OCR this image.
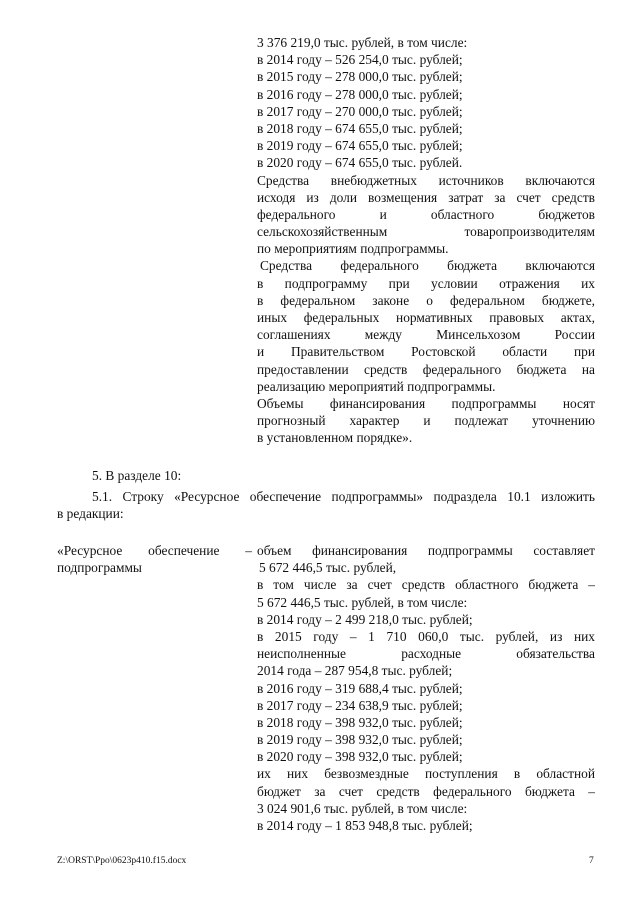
3 376 219,0 тыс. рублей, в том числе:
в 2014 году – 526 254,0 тыс. рублей;
в 2015 году – 278 000,0 тыс. рублей;
в 2016 году – 278 000,0 тыс. рублей;
в 2017 году – 270 000,0 тыс. рублей;
в 2018 году – 674 655,0 тыс. рублей;
в 2019 году – 674 655,0 тыс. рублей;
в 2020 году – 674 655,0 тыс. рублей.
Средства внебюджетных источников включаются
исходя из доли возмещения затрат за счет средств
федерального и областного бюджетов
сельскохозяйственным товаропроизводителям
по мероприятиям подпрограммы.
Средства федерального бюджета включаются
в подпрограмму при условии отражения их
в федеральном законе о федеральном бюджете,
иных федеральных нормативных правовых актах,
соглашениях между Минсельхозом России
и Правительством Ростовской области при
предоставлении средств федерального бюджета на
реализацию мероприятий подпрограммы.
Объемы финансирования подпрограммы носят
прогнозный характер и подлежат уточнению
в установленном порядке».
5. В разделе 10:
5.1. Строку «Ресурсное обеспечение подпрограммы» подраздела 10.1 изложить
в редакции:
«Ресурсное обеспечение –
подпрограммы
объем финансирования подпрограммы составляет
5 672 446,5 тыс. рублей,
в том числе за счет средств областного бюджета –
5 672 446,5 тыс. рублей, в том числе:
в 2014 году – 2 499 218,0 тыс. рублей;
в 2015 году – 1 710 060,0 тыс. рублей, из них
неисполненные расходные обязательства
2014 года – 287 954,8 тыс. рублей;
в 2016 году – 319 688,4 тыс. рублей;
в 2017 году – 234 638,9 тыс. рублей;
в 2018 году – 398 932,0 тыс. рублей;
в 2019 году – 398 932,0 тыс. рублей;
в 2020 году – 398 932,0 тыс. рублей;
их них безвозмездные поступления в областной
бюджет за счет средств федерального бюджета –
3 024 901,6 тыс. рублей, в том числе:
в 2014 году – 1 853 948,8 тыс. рублей;
Z:\ORST\Ppo\0623p410.f15.docx	7
